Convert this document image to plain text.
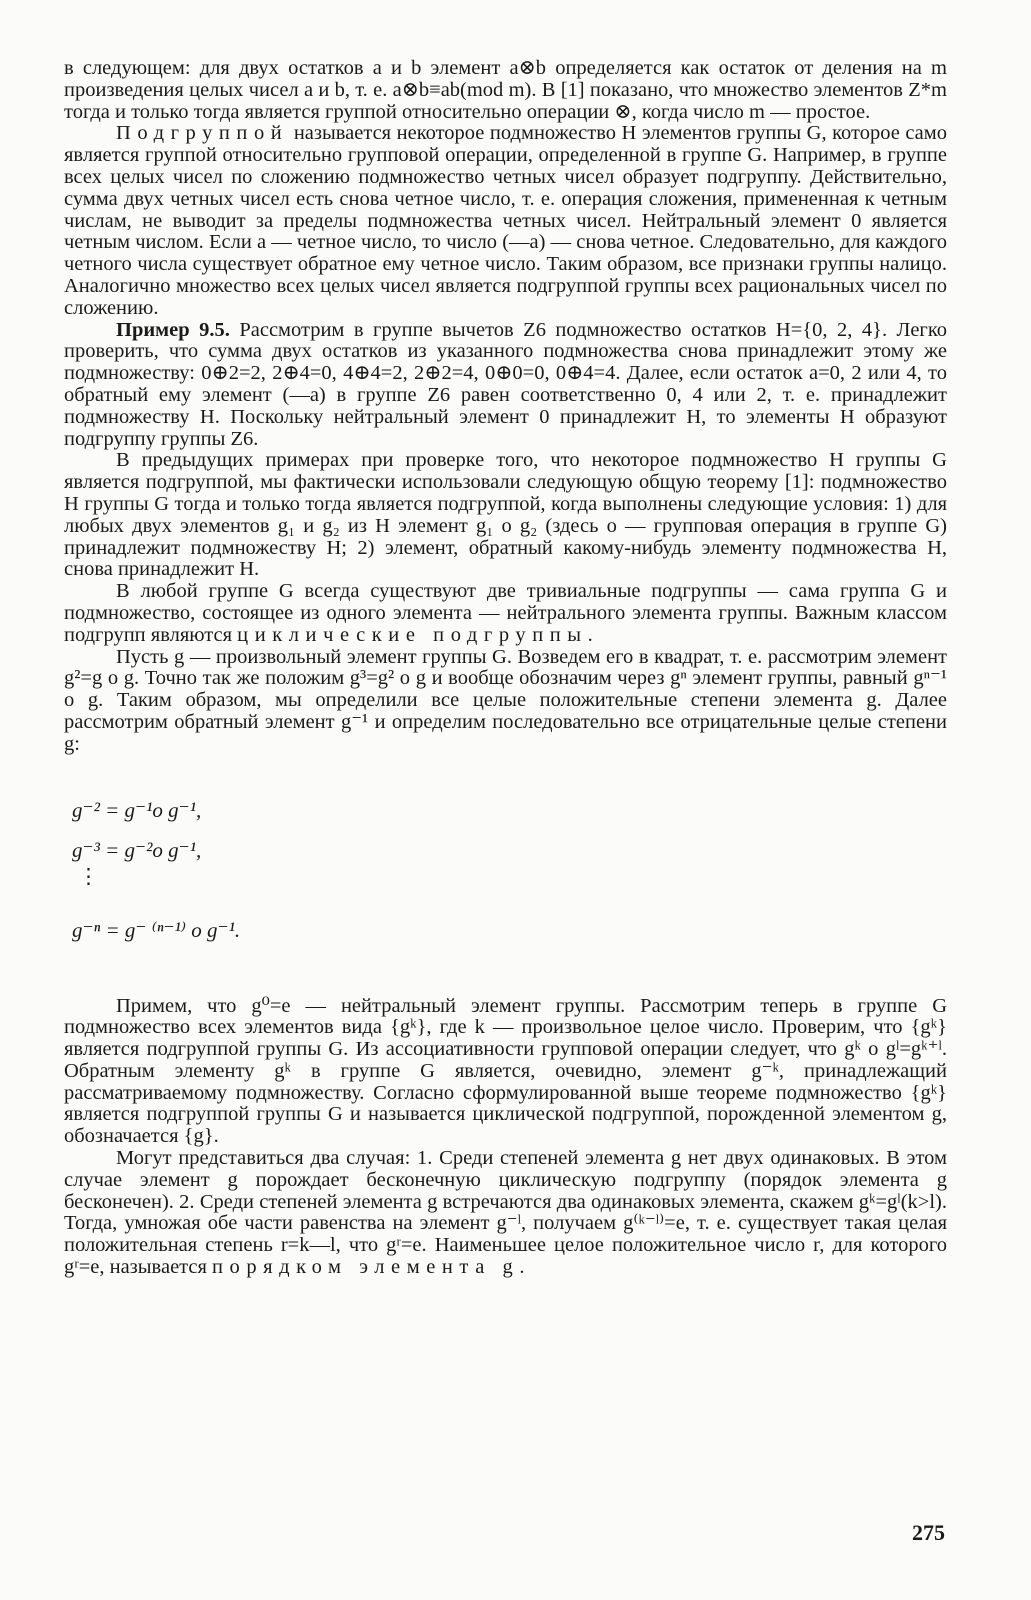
в следующем: для двух остатков a и b элемент a⊗b определяется как остаток от деления на m произведения целых чисел a и b, т. е. a⊗b≡ab(mod m). В [1] показано, что множество элементов Z*m тогда и только тогда является группой относительно операции ⊗, когда число m — простое.

Подгруппой называется некоторое подмножество H элементов группы G, которое само является группой относительно групповой операции, определенной в группе G. Например, в группе всех целых чисел по сложению подмножество четных чисел образует подгруппу. Действительно, сумма двух четных чисел есть снова четное число, т. е. операция сложения, примененная к четным числам, не выводит за пределы подмножества четных чисел. Нейтральный элемент 0 является четным числом. Если a — четное число, то число (—a) — снова четное. Следовательно, для каждого четного числа существует обратное ему четное число. Таким образом, все признаки группы налицо. Аналогично множество всех целых чисел является подгруппой группы всех рациональных чисел по сложению.

Пример 9.5. Рассмотрим в группе вычетов Z6 подмножество остатков H={0, 2, 4}. Легко проверить, что сумма двух остатков из указанного подмножества снова принадлежит этому же подмножеству: 0⊕2=2, 2⊕4=0, 4⊕4=2, 2⊕2=4, 0⊕0=0, 0⊕4=4. Далее, если остаток a=0, 2 или 4, то обратный ему элемент (—a) в группе Z6 равен соответственно 0, 4 или 2, т. е. принадлежит подмножеству H. Поскольку нейтральный элемент 0 принадлежит H, то элементы H образуют подгруппу группы Z6.

В предыдущих примерах при проверке того, что некоторое подмножество H группы G является подгруппой, мы фактически использовали следующую общую теорему [1]: подмножество H группы G тогда и только тогда является подгруппой, когда выполнены следующие условия: 1) для любых двух элементов g₁ и g₂ из H элемент g₁ o g₂ (здесь o — групповая операция в группе G) принадлежит подмножеству H; 2) элемент, обратный какому-нибудь элементу подмножества H, снова принадлежит H.

В любой группе G всегда существуют две тривиальные подгруппы — сама группа G и подмножество, состоящее из одного элемента — нейтрального элемента группы. Важным классом подгрупп являются циклические подгруппы.

Пусть g — произвольный элемент группы G. Возведем его в квадрат, т. е. рассмотрим элемент g²=g o g. Точно так же положим g³=g² o g и вообще обозначим через gⁿ элемент группы, равный gⁿ⁻¹ o g. Таким образом, мы определили все целые положительные степени элемента g. Далее рассмотрим обратный элемент g⁻¹ и определим последовательно все отрицательные целые степени g:

g⁻² = g⁻¹o g⁻¹,

g⁻³ = g⁻²o g⁻¹,

⋮

g⁻ⁿ = g⁻ ⁽ⁿ⁻¹⁾ o g⁻¹.

Примем, что g⁰=e — нейтральный элемент группы. Рассмотрим теперь в группе G подмножество всех элементов вида {gᵏ}, где k — произвольное целое число. Проверим, что {gᵏ} является подгруппой группы G. Из ассоциативности групповой операции следует, что gᵏ o gˡ=gᵏ⁺ˡ. Обратным элементу gᵏ в группе G является, очевидно, элемент g⁻ᵏ, принадлежащий рассматриваемому подмножеству. Согласно сформулированной выше теореме подмножество {gᵏ} является подгруппой группы G и называется циклической подгруппой, порожденной элементом g, обозначается {g}.

Могут представиться два случая: 1. Среди степеней элемента g нет двух одинаковых. В этом случае элемент g порождает бесконечную циклическую подгруппу (порядок элемента g бесконечен). 2. Среди степеней элемента g встречаются два одинаковых элемента, скажем gᵏ=gˡ(k>l). Тогда, умножая обе части равенства на элемент g⁻ˡ, получаем g⁽ᵏ⁻ˡ⁾=e, т. е. существует такая целая положительная степень r=k—l, что gʳ=e. Наименьшее целое положительное число r, для которого gʳ=e, называется порядком элемента g.

275
